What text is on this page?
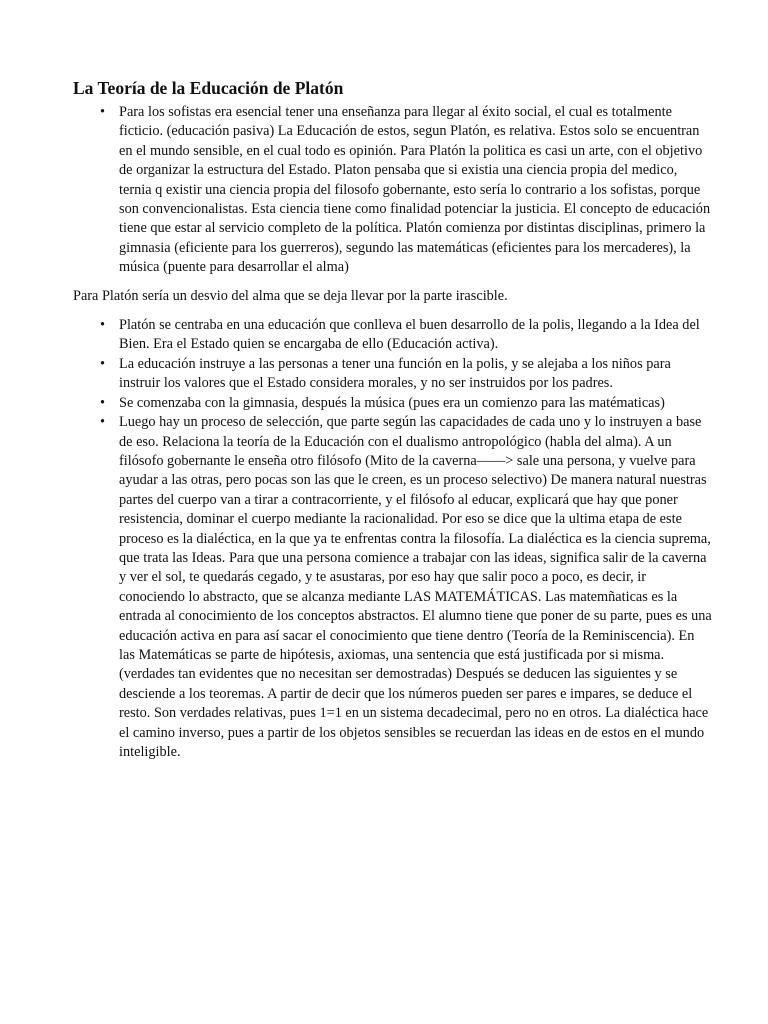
La Teoría de la Educación de Platón
• Para los sofistas era esencial tener una enseñanza para llegar al éxito social, el cual es totalmente ficticio. (educación pasiva) La Educación de estos, segun Platón, es relativa. Estos solo se encuentran en el mundo sensible, en el cual todo es opinión. Para Platón la politica es casi un arte, con el objetivo de organizar la estructura del Estado. Platon pensaba que si existia una ciencia propia del medico, ternia q existir una ciencia propia del filosofo gobernante, esto sería lo contrario a los sofistas, porque son convencionalistas. Esta ciencia tiene como finalidad potenciar la justicia. El concepto de educación tiene que estar al servicio completo de la política. Platón comienza por distintas disciplinas, primero la gimnasia (eficiente para los guerreros), segundo las matemáticas (eficientes para los mercaderes), la música (puente para desarrollar el alma)

Para Platón sería un desvio del alma que se deja llevar por la parte irascible.

• Platón se centraba en una educación que conlleva el buen desarrollo de la polis, llegando a la Idea del Bien. Era el Estado quien se encargaba de ello (Educación activa).
• La educación instruye a las personas a tener una función en la polis, y se alejaba a los niños para instruir los valores que el Estado considera morales, y no ser instruidos por los padres.
• Se comenzaba con la gimnasia, después la música (pues era un comienzo para las matématicas)
• Luego hay un proceso de selección, que parte según las capacidades de cada uno y lo instruyen a base de eso. Relaciona la teoría de la Educación con el dualismo antropológico (habla del alma). A un filósofo gobernante le enseña otro filósofo (Mito de la caverna——> sale una persona, y vuelve para ayudar a las otras, pero pocas son las que le creen, es un proceso selectivo) De manera natural nuestras partes del cuerpo van a tirar a contracorriente, y el filósofo al educar, explicará que hay que poner resistencia, dominar el cuerpo mediante la racionalidad. Por eso se dice que la ultima etapa de este proceso es la dialéctica, en la que ya te enfrentas contra la filosofía. La dialéctica es la ciencia suprema, que trata las Ideas. Para que una persona comience a trabajar con las ideas, significa salir de la caverna y ver el sol, te quedarás cegado, y te asustaras, por eso hay que salir poco a poco, es decir, ir conociendo lo abstracto, que se alcanza mediante LAS MATEMÁTICAS. Las matemñaticas es la entrada al conocimiento de los conceptos abstractos. El alumno tiene que poner de su parte, pues es una educación activa en para así sacar el conocimiento que tiene dentro (Teoría de la Reminiscencia). En las Matemáticas se parte de hipótesis, axiomas, una sentencia que está justificada por si misma. (verdades tan evidentes que no necesitan ser demostradas) Después se deducen las siguientes y se desciende a los teoremas. A partir de decir que los números pueden ser pares e impares, se deduce el resto. Son verdades relativas, pues 1=1 en un sistema decadecimal, pero no en otros. La dialéctica hace el camino inverso, pues a partir de los objetos sensibles se recuerdan las ideas en de estos en el mundo inteligible.
